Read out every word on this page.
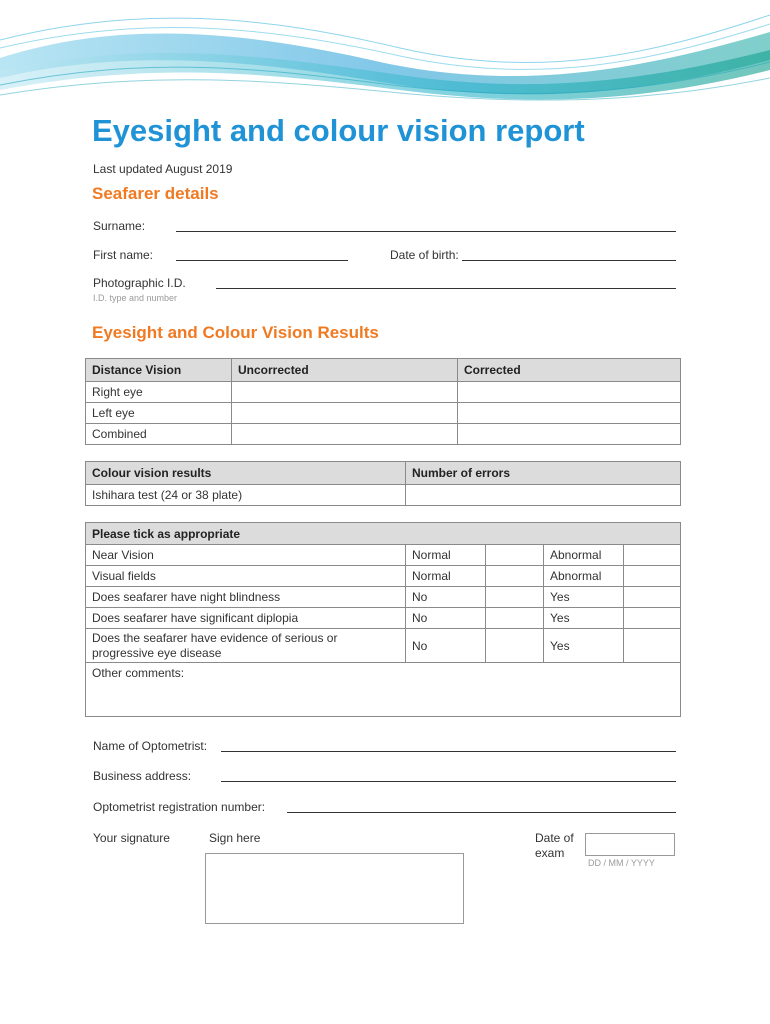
Eyesight and colour vision report
Last updated August 2019
Seafarer details
Surname:
First name:	Date of birth:
Photographic I.D.
I.D. type and number
Eyesight and Colour Vision Results
Distance Vision	Uncorrected	Corrected
Right eye		
Left eye		
Combined		
Colour vision results	Number of errors
Ishihara test (24 or 38 plate)	
Please tick as appropriate				
Near Vision	Normal		Abnormal	
Visual fields	Normal		Abnormal	
Does seafarer have night blindness	No		Yes	
Does seafarer have significant diplopia	No		Yes	
Does the seafarer have evidence of serious or progressive eye disease	No		Yes	
Other comments:				
Name of Optometrist:
Business address:
Optometrist registration number:
Your signature	Sign here	Date of
exam
DD / MM / YYYY
